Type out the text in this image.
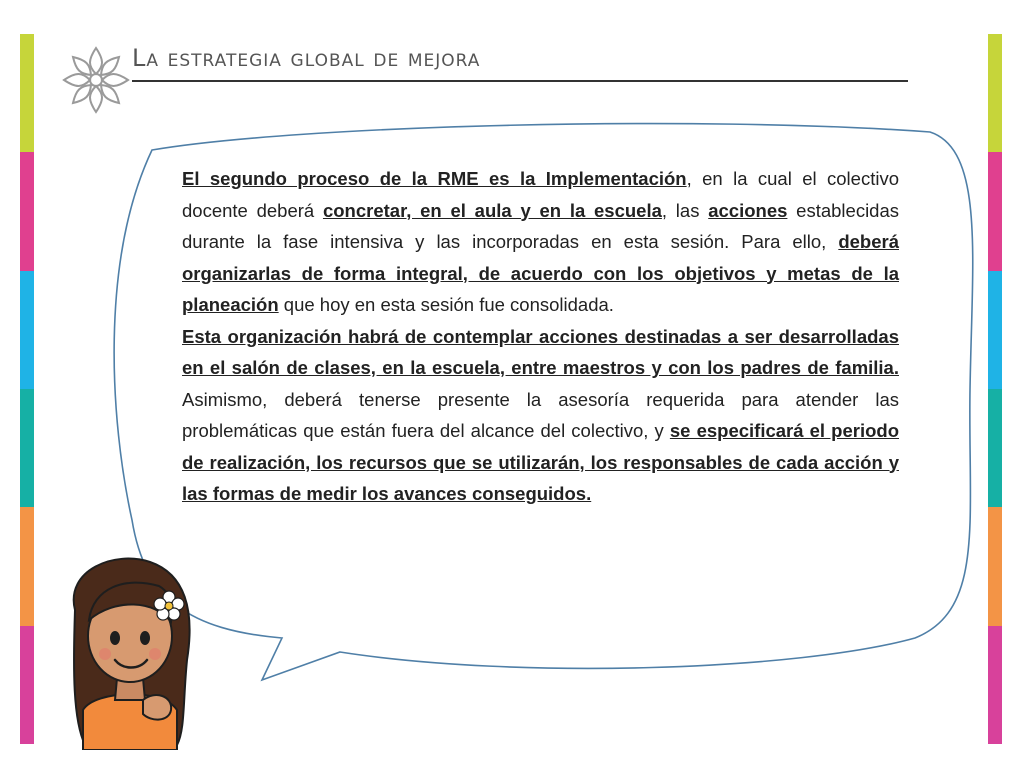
La estrategia global de mejora

El segundo proceso de la RME es la Implementación, en la cual el colectivo docente deberá concretar, en el aula y en la escuela, las acciones establecidas durante la fase intensiva y las incorporadas en esta sesión. Para ello, deberá organizarlas de forma integral, de acuerdo con los objetivos y metas de la planeación que hoy en esta sesión fue consolidada.

Esta organización habrá de contemplar acciones destinadas a ser desarrolladas en el salón de clases, en la escuela, entre maestros y con los padres de familia. Asimismo, deberá tenerse presente la asesoría requerida para atender las problemáticas que están fuera del alcance del colectivo, y se especificará el periodo de realización, los recursos que se utilizarán, los responsables de cada acción y las formas de medir los avances conseguidos.
